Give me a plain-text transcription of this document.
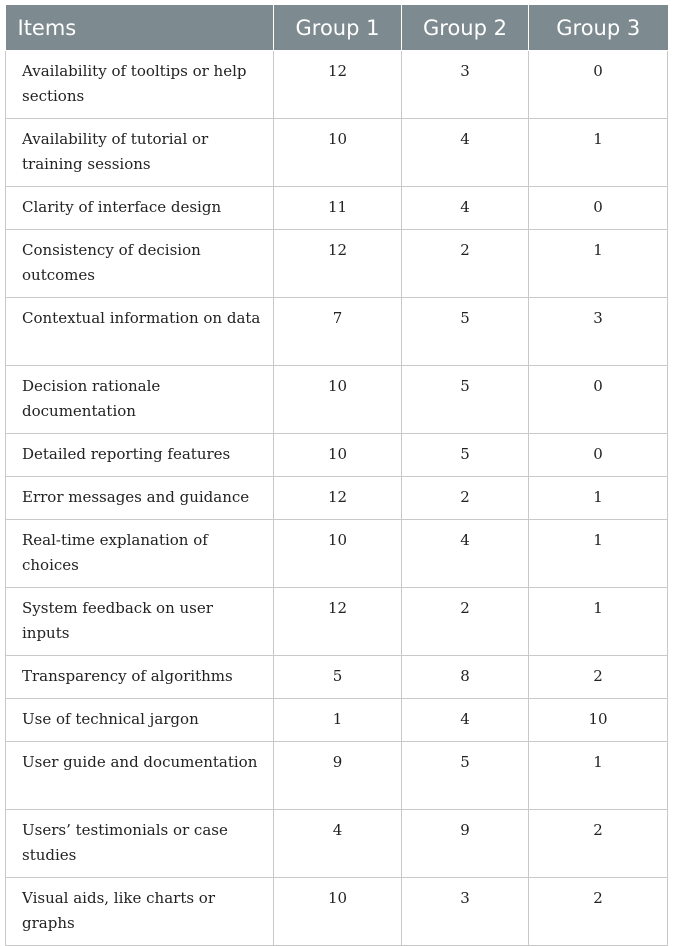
Items	Group 1	Group 2	Group 3
Availability of tooltips or help sections	12	3	0
Availability of tutorial or training sessions	10	4	1
Clarity of interface design	11	4	0
Consistency of decision outcomes	12	2	1
Contextual information on data	7	5	3
Decision rationale documentation	10	5	0
Detailed reporting features	10	5	0
Error messages and guidance	12	2	1
Real-time explanation of choices	10	4	1
System feedback on user inputs	12	2	1
Transparency of algorithms	5	8	2
Use of technical jargon	1	4	10
User guide and documentation	9	5	1
Users’ testimonials or case studies	4	9	2
Visual aids, like charts or graphs	10	3	2
